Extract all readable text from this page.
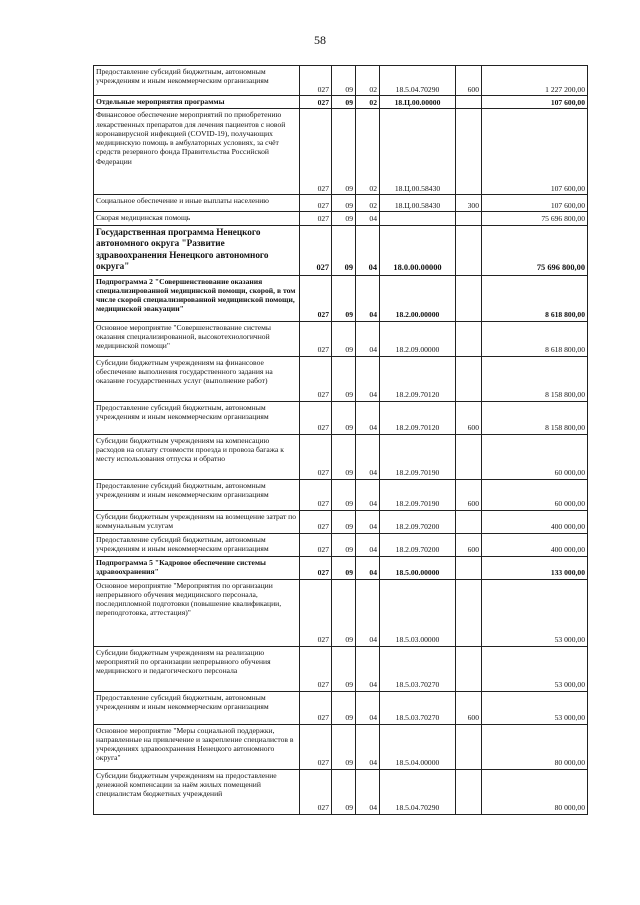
58
Предоставление субсидий бюджетным, автономным учреждениям и иным некоммерческим организациям	027	09	02	18.5.04.70290	600	1 227 200,00
Отдельные мероприятия программы	027	09	02	18.Ц.00.00000		107 600,00
Финансовое обеспечение мероприятий по приобретению лекарственных препаратов для лечения пациентов с новой коронавирусной инфекцией (COVID-19), получающих медицинскую помощь в амбулаторных условиях, за счёт средств резервного фонда Правительства Российской Федерации	027	09	02	18.Ц.00.58430		107 600,00
Социальное обеспечение и иные выплаты населению	027	09	02	18.Ц.00.58430	300	107 600,00
Скорая медицинская помощь	027	09	04			75 696 800,00
Государственная программа Ненецкого автономного округа "Развитие здравоохранения Ненецкого автономного округа"	027	09	04	18.0.00.00000		75 696 800,00
Подпрограмма 2 "Совершенствование оказания специализированной медицинской помощи, скорой, в том числе скорой специализированной медицинской помощи, медицинской эвакуации"	027	09	04	18.2.00.00000		8 618 800,00
Основное мероприятие "Совершенствование системы оказания специализированной, высокотехнологичной медицинской помощи"	027	09	04	18.2.09.00000		8 618 800,00
Субсидии бюджетным учреждениям на финансовое обеспечение выполнения государственного задания на оказание государственных услуг (выполнение работ)	027	09	04	18.2.09.70120		8 158 800,00
Предоставление субсидий бюджетным, автономным учреждениям и иным некоммерческим организациям	027	09	04	18.2.09.70120	600	8 158 800,00
Субсидии бюджетным учреждениям на компенсацию расходов на оплату стоимости проезда и провоза багажа к месту использования отпуска и обратно	027	09	04	18.2.09.70190		60 000,00
Предоставление субсидий бюджетным, автономным учреждениям и иным некоммерческим организациям	027	09	04	18.2.09.70190	600	60 000,00
Субсидии бюджетным учреждениям на возмещение затрат по коммунальным услугам	027	09	04	18.2.09.70200		400 000,00
Предоставление субсидий бюджетным, автономным учреждениям и иным некоммерческим организациям	027	09	04	18.2.09.70200	600	400 000,00
Подпрограмма 5 "Кадровое обеспечение системы здравоохранения"	027	09	04	18.5.00.00000		133 000,00
Основное мероприятие "Мероприятия по организации непрерывного обучения медицинского персонала, последипломной подготовки (повышение квалификации, переподготовка, аттестация)"	027	09	04	18.5.03.00000		53 000,00
Субсидии бюджетным учреждениям на реализацию мероприятий по организации непрерывного обучения медицинского и педагогического персонала	027	09	04	18.5.03.70270		53 000,00
Предоставление субсидий бюджетным, автономным учреждениям и иным некоммерческим организациям	027	09	04	18.5.03.70270	600	53 000,00
Основное мероприятие "Меры социальной поддержки, направленные на привлечение и закрепление специалистов в учреждениях здравоохранения Ненецкого автономного округа"	027	09	04	18.5.04.00000		80 000,00
Субсидии бюджетным учреждениям на предоставление денежной компенсации за наём жилых помещений специалистам бюджетных учреждений	027	09	04	18.5.04.70290		80 000,00
